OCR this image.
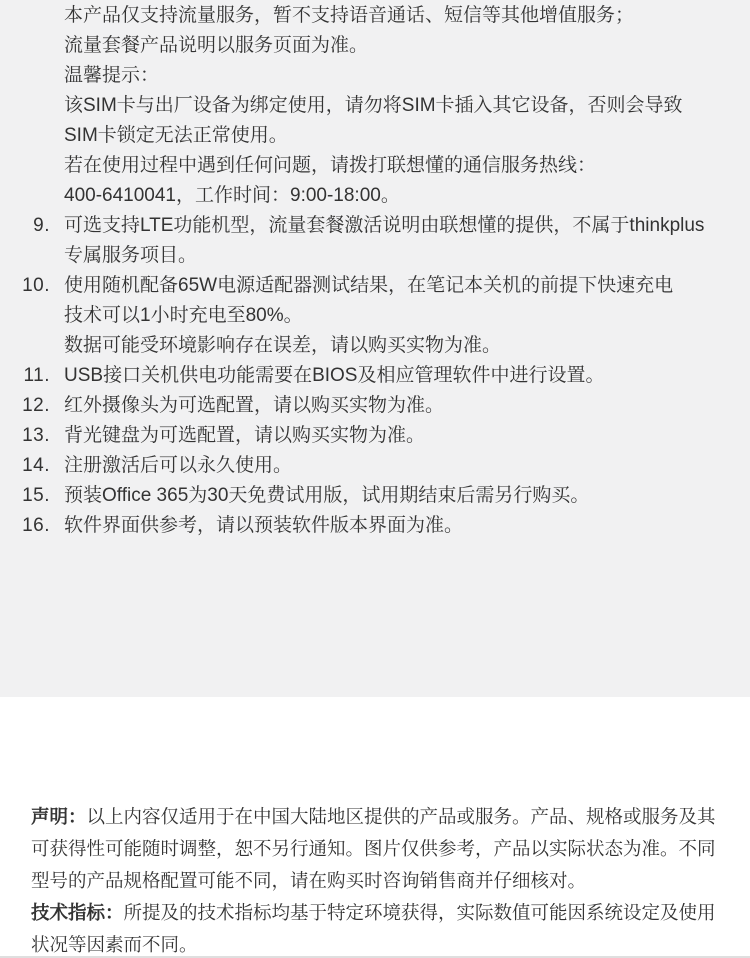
本产品仅支持流量服务，暂不支持语音通话、短信等其他增值服务；
流量套餐产品说明以服务页面为准。
温馨提示：
该SIM卡与出厂设备为绑定使用，请勿将SIM卡插入其它设备，否则会导致
SIM卡锁定无法正常使用。
若在使用过程中遇到任何问题，请拨打联想懂的通信服务热线：
400-6410041，工作时间：9:00-18:00。
9. 可选支持LTE功能机型，流量套餐激活说明由联想懂的提供，不属于thinkplus
专属服务项目。
10. 使用随机配备65W电源适配器测试结果，在笔记本关机的前提下快速充电
技术可以1小时充电至80%。
数据可能受环境影响存在误差，请以购买实物为准。
11. USB接口关机供电功能需要在BIOS及相应管理软件中进行设置。
12. 红外摄像头为可选配置，请以购买实物为准。
13. 背光键盘为可选配置，请以购买实物为准。
14. 注册激活后可以永久使用。
15. 预装Office 365为30天免费试用版，试用期结束后需另行购买。
16. 软件界面供参考，请以预装软件版本界面为准。
声明：以上内容仅适用于在中国大陆地区提供的产品或服务。产品、规格或服务及其
可获得性可能随时调整，恕不另行通知。图片仅供参考，产品以实际状态为准。不同
型号的产品规格配置可能不同，请在购买时咨询销售商并仔细核对。
技术指标：所提及的技术指标均基于特定环境获得，实际数值可能因系统设定及使用
状况等因素而不同。
